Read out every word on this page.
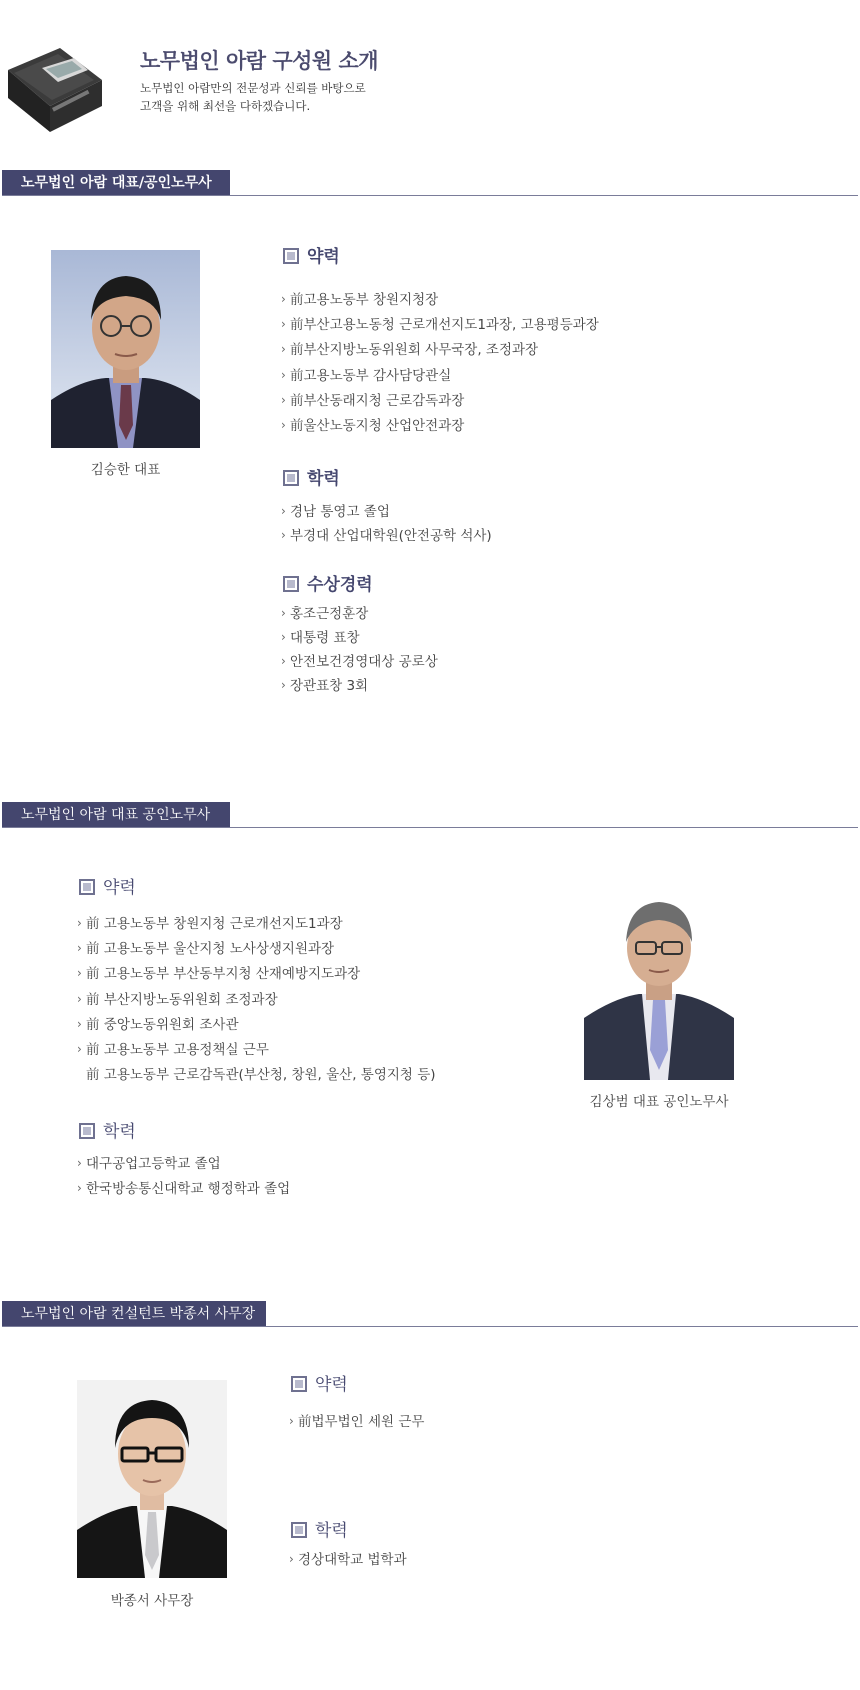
노무법인 아람 구성원 소개
노무법인 아람만의 전문성과 신뢰를 바탕으로
고객을 위해 최선을 다하겠습니다.
노무법인 아람 대표/공인노무사
김승한 대표
약력
› 前고용노동부 창원지청장
› 前부산고용노동청 근로개선지도1과장, 고용평등과장
› 前부산지방노동위원회 사무국장, 조정과장
› 前고용노동부 감사담당관실
› 前부산동래지청 근로감독과장
› 前울산노동지청 산업안전과장
학력
› 경남 통영고 졸업
› 부경대 산업대학원(안전공학 석사)
수상경력
› 홍조근정훈장
› 대통령 표창
› 안전보건경영대상 공로상
› 장관표창 3회
노무법인 아람 대표 공인노무사
약력
› 前 고용노동부 창원지청 근로개선지도1과장
› 前 고용노동부 울산지청 노사상생지원과장
› 前 고용노동부 부산동부지청 산재예방지도과장
› 前 부산지방노동위원회 조정과장
› 前 중앙노동위원회 조사관
› 前 고용노동부 고용정책실 근무
前 고용노동부 근로감독관(부산청, 창원, 울산, 통영지청 등)
학력
› 대구공업고등학교 졸업
› 한국방송통신대학교 행정학과 졸업
김상범 대표 공인노무사
노무법인 아람 컨설턴트 박종서 사무장
박종서 사무장
약력
› 前법무법인 세원 근무
학력
› 경상대학교 법학과
